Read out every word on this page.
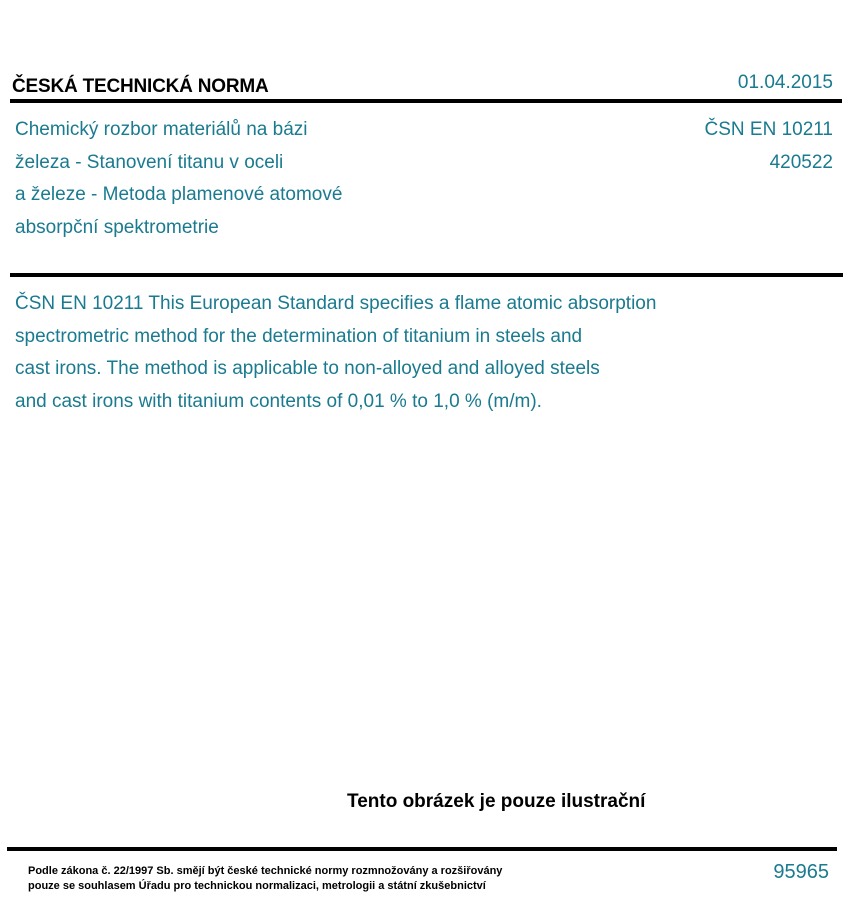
ČESKÁ TECHNICKÁ NORMA	01.04.2015
Chemický rozbor materiálů na bázi
železa - Stanovení titanu v oceli
a železe - Metoda plamenové atomové
absorpční spektrometrie
ČSN EN 10211
420522
ČSN EN 10211 This European Standard specifies a flame atomic absorption
spectrometric method for the determination of titanium in steels and
cast irons. The method is applicable to non-alloyed and alloyed steels
and cast irons with titanium contents of 0,01 % to 1,0 % (m/m).
Tento obrázek je pouze ilustrační
Podle zákona č. 22/1997 Sb. smějí být české technické normy rozmnožovány a rozšiřovány
pouze se souhlasem Úřadu pro technickou normalizaci, metrologii a státní zkušebnictví
95965
